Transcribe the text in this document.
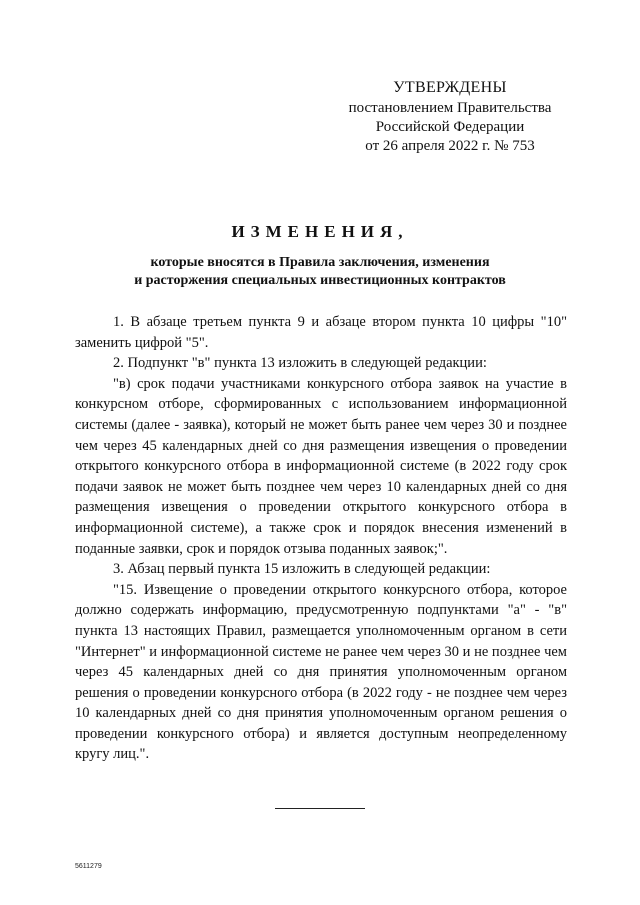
УТВЕРЖДЕНЫ
постановлением Правительства
Российской Федерации
от 26 апреля 2022 г. № 753
ИЗМЕНЕНИЯ,
которые вносятся в Правила заключения, изменения
и расторжения специальных инвестиционных контрактов

1. В абзаце третьем пункта 9 и абзаце втором пункта 10 цифры "10" заменить цифрой "5".

2. Подпункт "в" пункта 13 изложить в следующей редакции:

"в) срок подачи участниками конкурсного отбора заявок на участие в конкурсном отборе, сформированных с использованием информационной системы (далее - заявка), который не может быть ранее чем через 30 и позднее чем через 45 календарных дней со дня размещения извещения о проведении открытого конкурсного отбора в информационной системе (в 2022 году срок подачи заявок не может быть позднее чем через 10 календарных дней со дня размещения извещения о проведении открытого конкурсного отбора в информационной системе), а также срок и порядок внесения изменений в поданные заявки, срок и порядок отзыва поданных заявок;".

3. Абзац первый пункта 15 изложить в следующей редакции:

"15. Извещение о проведении открытого конкурсного отбора, которое должно содержать информацию, предусмотренную подпунктами "а" - "в" пункта 13 настоящих Правил, размещается уполномоченным органом в сети "Интернет" и информационной системе не ранее чем через 30 и не позднее чем через 45 календарных дней со дня принятия уполномоченным органом решения о проведении конкурсного отбора (в 2022 году - не позднее чем через 10 календарных дней со дня принятия уполномоченным органом решения о проведении конкурсного отбора) и является доступным неопределенному кругу лиц.".

5611279
